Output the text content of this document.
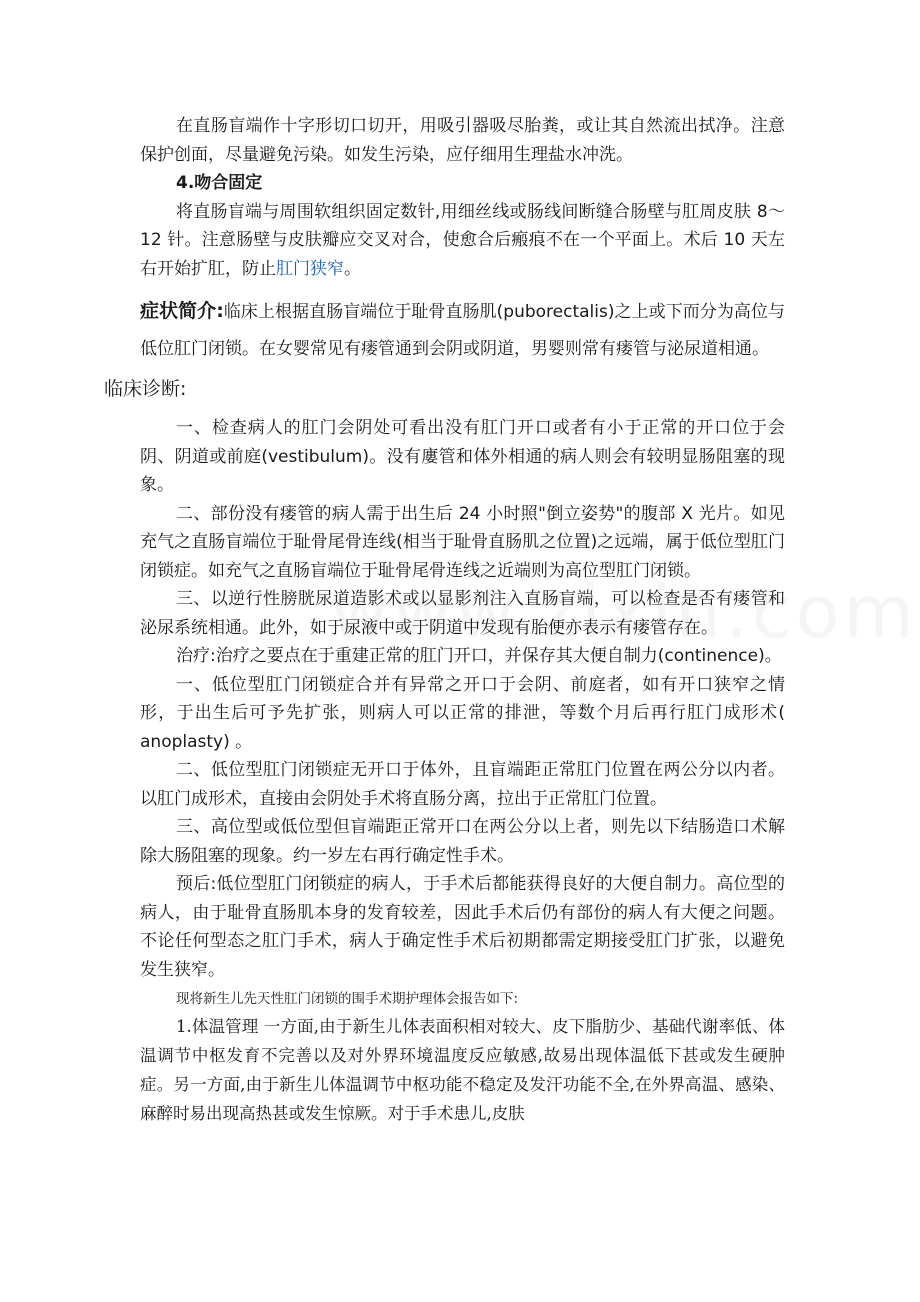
在直肠盲端作十字形切口切开，用吸引器吸尽胎粪，或让其自然流出拭净。注意保护创面，尽量避免污染。如发生污染，应仔细用生理盐水冲洗。

4.吻合固定

将直肠盲端与周围软组织固定数针,用细丝线或肠线间断缝合肠壁与肛周皮肤 8～12 针。注意肠壁与皮肤瓣应交叉对合，使愈合后瘢痕不在一个平面上。术后 10 天左右开始扩肛，防止肛门狭窄。

症状简介:临床上根据直肠盲端位于耻骨直肠肌(puborectalis)之上或下而分为高位与低位肛门闭锁。在女婴常见有瘘管通到会阴或阴道，男婴则常有瘘管与泌尿道相通。

临床诊断:

一、检查病人的肛门会阴处可看出没有肛门开口或者有小于正常的开口位于会阴、阴道或前庭(vestibulum)。没有廔管和体外相通的病人则会有较明显肠阻塞的现象。

二、部份没有瘘管的病人需于出生后 24 小时照"倒立姿势"的腹部 X 光片。如见充气之直肠盲端位于耻骨尾骨连线(相当于耻骨直肠肌之位置)之远端，属于低位型肛门闭锁症。如充气之直肠盲端位于耻骨尾骨连线之近端则为高位型肛门闭锁。

三、以逆行性膀胱尿道造影术或以显影剂注入直肠盲端，可以检查是否有瘘管和泌尿系统相通。此外，如于尿液中或于阴道中发现有胎便亦表示有瘘管存在。

治疗:治疗之要点在于重建正常的肛门开口，并保存其大便自制力(continence)。

一、低位型肛门闭锁症合并有异常之开口于会阴、前庭者，如有开口狭窄之情形，于出生后可予先扩张，则病人可以正常的排泄，等数个月后再行肛门成形术( anoplasty) 。

二、低位型肛门闭锁症无开口于体外，且盲端距正常肛门位置在两公分以内者。以肛门成形术，直接由会阴处手术将直肠分离，拉出于正常肛门位置。

三、高位型或低位型但盲端距正常开口在两公分以上者，则先以下结肠造口术解除大肠阻塞的现象。约一岁左右再行确定性手术。

预后:低位型肛门闭锁症的病人，于手术后都能获得良好的大便自制力。高位型的病人，由于耻骨直肠肌本身的发育较差，因此手术后仍有部份的病人有大便之问题。不论任何型态之肛门手术，病人于确定性手术后初期都需定期接受肛门扩张，以避免发生狭窄。

现将新生儿先天性肛门闭锁的围手术期护理体会报告如下:

1.体温管理 一方面,由于新生儿体表面积相对较大、皮下脂肪少、基础代谢率低、体温调节中枢发育不完善以及对外界环境温度反应敏感,故易出现体温低下甚或发生硬肿症。另一方面,由于新生儿体温调节中枢功能不稳定及发汗功能不全,在外界高温、感染、麻醉时易出现高热甚或发生惊厥。对于手术患儿,皮肤
